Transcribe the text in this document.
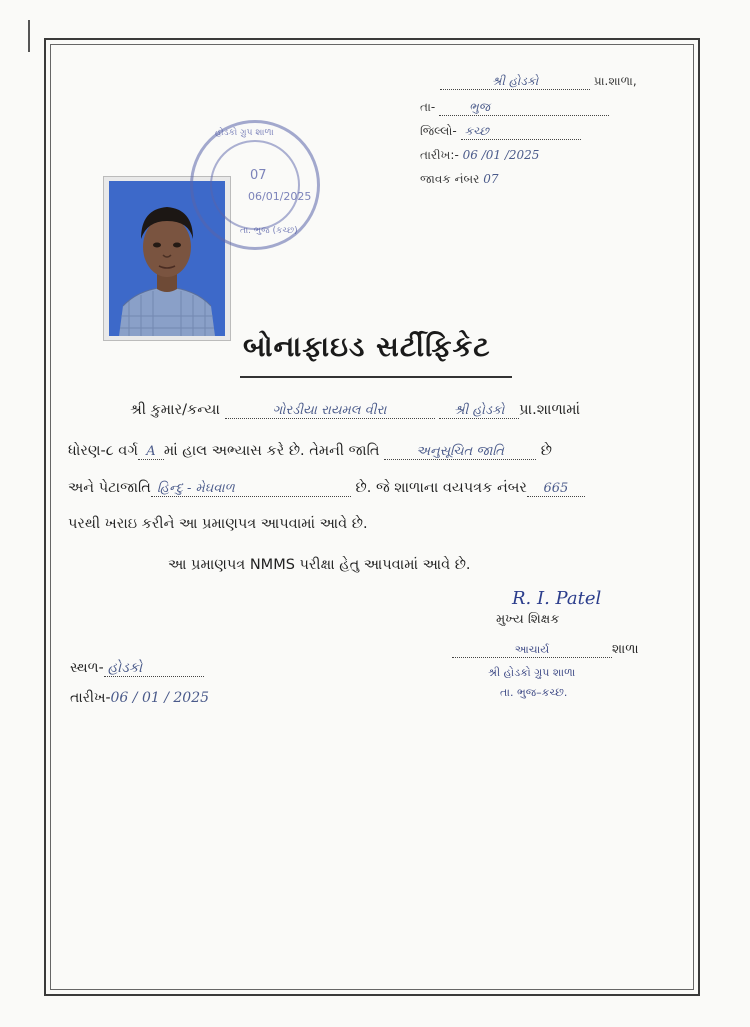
શ્રી હોડકો	પ્રા.શાળા,
તા-	ભુજ
જિલ્લો- કચ્છ
તારીખ:- 06 /01 /2025
જાવક નંબર 07
હોડકો ગ્રુપ શાળા
07
06/01/2025
તા. ભુજ (કચ્છ)
બોનાફાઇડ સર્ટીફિકેટ
શ્રી કુમાર/કન્યા	ગોરડીયા રાયમલ વીરા	શ્રી હોડકો પ્રા.શાળામાં
ધોરણ-૮ વર્ગ A માં હાલ અભ્યાસ કરે છે. તેમની જાતિ	અનુસૂચિત જાતિ	છે
અને પેટાજાતિ હિન્દુ - મેઘવાળ	છે. જે શાળાના વયપત્રક નંબર 665
પરથી ખરાઇ કરીને આ પ્રમાણપત્ર આપવામાં આવે છે.
આ પ્રમાણપત્ર NMMS પરીક્ષા હેતુ આપવામાં આવે છે.
R. I. Patel
મુખ્ય શિક્ષક
આચાર્ય	શાળા
શ્રી હોડકો ગ્રુપ શાળા
તા. ભુજ–કચ્છ.
સ્થળ- હોડકો
તારીખ-06 / 01 / 2025
